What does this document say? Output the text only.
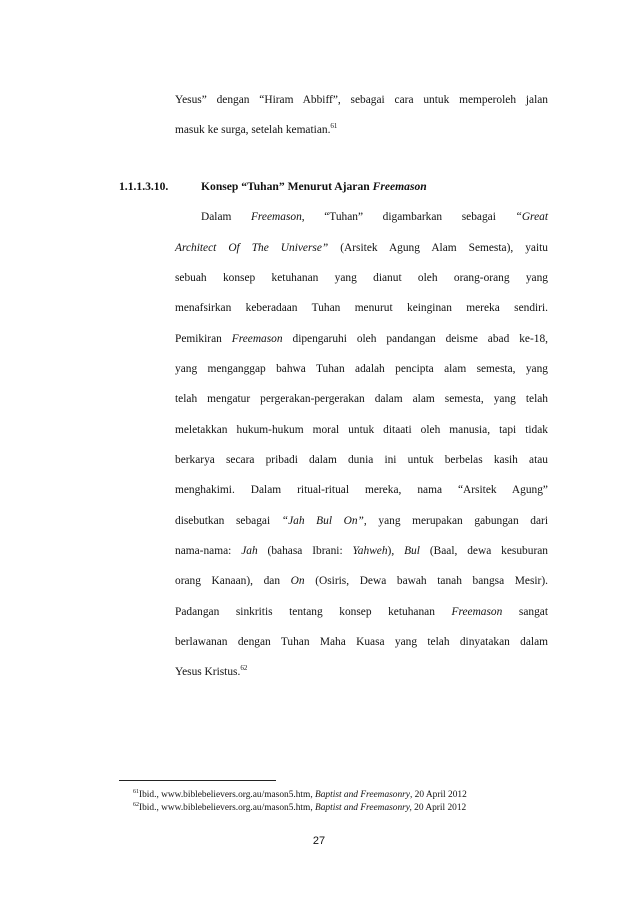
Yesus” dengan “Hiram Abbiff”, sebagai cara untuk memperoleh jalan
masuk ke surga, setelah kematian.$^{61}$
1.1.1.3.10.	Konsep “Tuhan” Menurut Ajaran Freemason
Dalam Freemason, “Tuhan” digambarkan sebagai “Great
Architect Of The Universe” (Arsitek Agung Alam Semesta), yaitu
sebuah konsep ketuhanan yang dianut oleh orang-orang yang
menafsirkan keberadaan Tuhan menurut keinginan mereka sendiri.
Pemikiran Freemason dipengaruhi oleh pandangan deisme abad ke-18,
yang menganggap bahwa Tuhan adalah pencipta alam semesta, yang
telah mengatur pergerakan-pergerakan dalam alam semesta, yang telah
meletakkan hukum-hukum moral untuk ditaati oleh manusia, tapi tidak
berkarya secara pribadi dalam dunia ini untuk berbelas kasih atau
menghakimi. Dalam ritual-ritual mereka, nama “Arsitek Agung”
disebutkan sebagai “Jah Bul On”, yang merupakan gabungan dari
nama-nama: Jah (bahasa Ibrani: Yahweh), Bul (Baal, dewa kesuburan
orang Kanaan), dan On (Osiris, Dewa bawah tanah bangsa Mesir).
Padangan sinkritis tentang konsep ketuhanan Freemason sangat
berlawanan dengan Tuhan Maha Kuasa yang telah dinyatakan dalam
Yesus Kristus.$^{62}$
$^{61}$Ibid., www.biblebelievers.org.au/mason5.htm, Baptist and Freemasonry, 20 April 2012
$^{62}$Ibid., www.biblebelievers.org.au/mason5.htm, Baptist and Freemasonry, 20 April 2012
27
